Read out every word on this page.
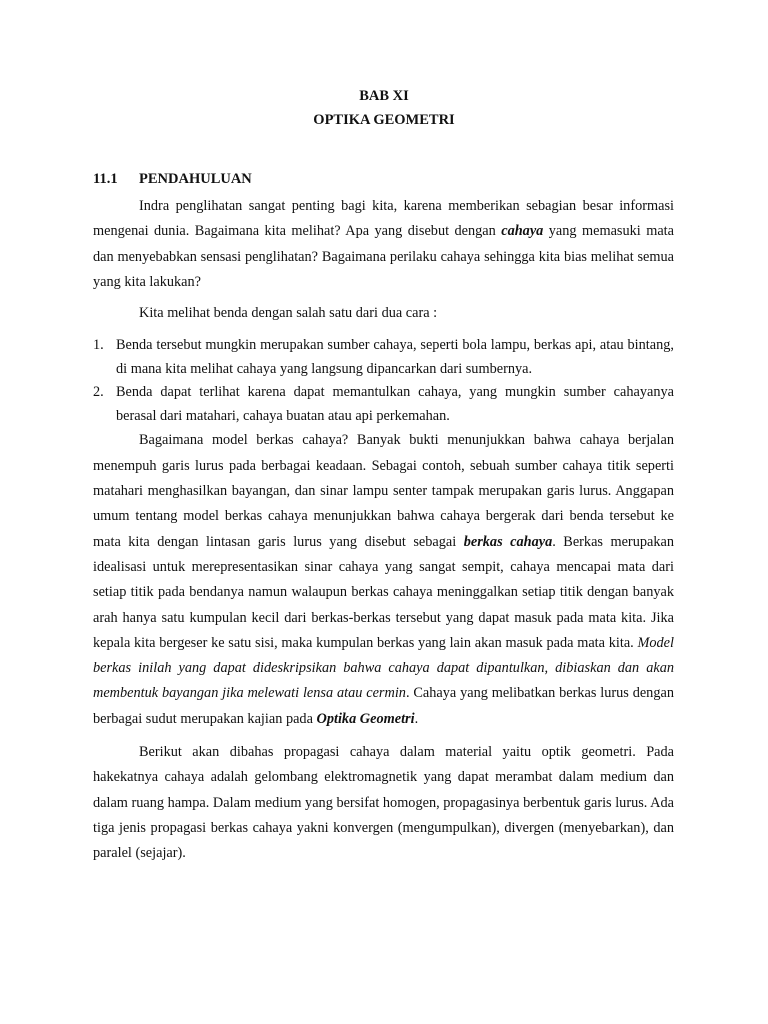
BAB XI
OPTIKA GEOMETRI
11.1 PENDAHULUAN

Indra penglihatan sangat penting bagi kita, karena memberikan sebagian besar informasi mengenai dunia. Bagaimana kita melihat? Apa yang disebut dengan cahaya yang memasuki mata dan menyebabkan sensasi penglihatan? Bagaimana perilaku cahaya sehingga kita bias melihat semua yang kita lakukan?

Kita melihat benda dengan salah satu dari dua cara :

1. Benda tersebut mungkin merupakan sumber cahaya, seperti bola lampu, berkas api, atau bintang, di mana kita melihat cahaya yang langsung dipancarkan dari sumbernya.
2. Benda dapat terlihat karena dapat memantulkan cahaya, yang mungkin sumber cahayanya berasal dari matahari, cahaya buatan atau api perkemahan.

Bagaimana model berkas cahaya? Banyak bukti menunjukkan bahwa cahaya berjalan menempuh garis lurus pada berbagai keadaan. Sebagai contoh, sebuah sumber cahaya titik seperti matahari menghasilkan bayangan, dan sinar lampu senter tampak merupakan garis lurus. Anggapan umum tentang model berkas cahaya menunjukkan bahwa cahaya bergerak dari benda tersebut ke mata kita dengan lintasan garis lurus yang disebut sebagai berkas cahaya. Berkas merupakan idealisasi untuk merepresentasikan sinar cahaya yang sangat sempit, cahaya mencapai mata dari setiap titik pada bendanya namun walaupun berkas cahaya meninggalkan setiap titik dengan banyak arah hanya satu kumpulan kecil dari berkas-berkas tersebut yang dapat masuk pada mata kita. Jika kepala kita bergeser ke satu sisi, maka kumpulan berkas yang lain akan masuk pada mata kita. Model berkas inilah yang dapat dideskripsikan bahwa cahaya dapat dipantulkan, dibiaskan dan akan membentuk bayangan jika melewati lensa atau cermin. Cahaya yang melibatkan berkas lurus dengan berbagai sudut merupakan kajian pada Optika Geometri.

Berikut akan dibahas propagasi cahaya dalam material yaitu optik geometri. Pada hakekatnya cahaya adalah gelombang elektromagnetik yang dapat merambat dalam medium dan dalam ruang hampa. Dalam medium yang bersifat homogen, propagasinya berbentuk garis lurus. Ada tiga jenis propagasi berkas cahaya yakni konvergen (mengumpulkan), divergen (menyebarkan), dan paralel (sejajar).
